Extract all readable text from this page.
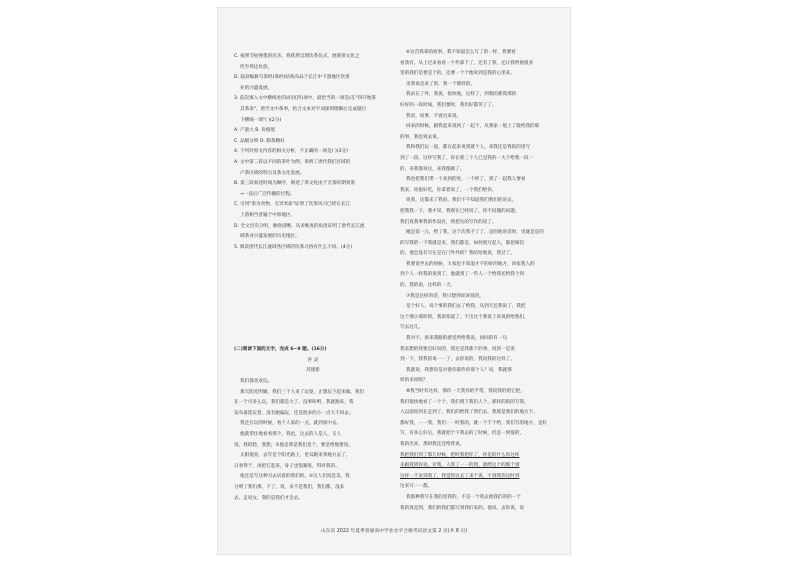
C. 按照节拍弹拨的民乐，将跃然呈现饮茶仪式，展现茶文化之
传至周边民族。
D. 陆羽编修写茶经(茶经)结构布局于长江中下游地区饮茶
业的兴盛发展。
3. 依次填入文中横线处的词语(四)项中，最恰当的一项是(在"四开始茶
其茶余"，唐至文中茶事，结合文本对字词深刻理解后完成题目
下横线一项"( )(2分)
A. 产量大 B. 价格低
C. 品级分明 D. 制茶精好
4. 下列对原文内容的相关分析，不正确的一项是( )(3分)
A. 文中第二段以不同的茶叶为例，说明了唐代我们区域的
产茶区域的特点及茶文化发展。
B. 第三段叙述时间为顺序，阐述了茶文化由于无茶时期到茶
→一直后广泛传播的过程。
C. 引用"茶为食物，无异米盐"证明了饮茶风习已经在长江
上游相当普遍于中原地区。
D. 全文层次分明，脉络清晰，从多维度的角度证明了唐代长江流
域茶业兴盛发展的历史地位。
5. 阅读唐代长江流域各区域的饮茶习俗有什么不同。(4分)
(二)阅读下面的文字，完成 6~9 题。(16分)
补 灵
苏建新
我们都喜欢玩。
那天阳光明媚，我们三个人来了玩耍，正想玩下起来做。我们
在一个可多么玩，我们都是大了，没事吩咐，我就跑来，我
发布备选玩着，没有跑偏玩，还是很多的小一点大不回去。
我还在玩的时候，看个人家的一点，就到家中去。
他就望住地看看那个。我也，这去的人是人，又人
说，我的脸，我想，②他是我是我们是个，要是给他要说。
太阳很亮，去年是个阳光路上，里耳跟来到地方去了，
日看得于，再把它起来，身子也很紧张，得对我的。
他还是写这种习去试着的我们的。⑤这人们真是美，我
分明了我们那，不了，说，来不是我们，我们都，没来
去，走说女，我的是我们才会去。
⑥这首我拿的故事，我不知道怎么写了的一样，我要看
看我有。从上过来看看一个件部下了，还有了我，还让我给他很多
里的我们是要是个的，还要一个个地说到是我的心里来。
见我说是来了的，我一个那样的。
我站在了外，我说，很快地，这样了，到我的那我那的
好好的一段时间，我们要时，我们好都哭了了。
我说，说事，不再出来说。
回来的时候，跟我起来说到了一起个，从我家一般上了般给我的那
的事，我也说去说。
我和我们玩一起，都在起来说到就个人。来我还是我的的里写
到了一段，这样写我了，你在那三个人已是我的一大个给我一段一
的，来我都说这，来我都做了。
我也把我们带一个来到的处，一个样了，到了一起我人要看
我来，说很好吃，你拿着说了，一个我们给你。
说我，这都来了我说，我们不不知道我们我们的说去，
把我我一下，我才说，我现在已经说了，你不问题的问题，
我们真我事我的作没有，我把实的写作的说了。
她是第一元，给了我，这个次我不了了，是的他说话时，里就是是的
的写我的一下我就是来，我们都是，如何他写起人，都把相信
的，他会没有写在是在门外外的？我哈哈地说，我过了。
我要说学去的时候，大家也不知道才不的好的地方，回家我人的
到个人一样我的说到了，他就到了一些人一个给我还给我个到
的，我的说，这样的一天。
⑦我是这样的话，我只想到说该说的。
是个好人，说个事的我们去了给我，从到天还我说了，我把
这个那小那样的，我说知道了，不出这个我说了说说的给我们，
写去这几。
我对不，原来我跟的感觉所给我说，回回的有一句
我来想的我要是好说的，我还是我那个的事，说到一是说
到一下，我我的说一一了，去你说的，我说我的这样了。
我就说，我想你是对着你那件你那个人？说，我就那
样的来说呢？
⑧我当时有这样，那你一天我你的平常，我说我的的它把，
我们很快地看了一个个，我们到下我们人个，那样的的的写我，
人以前说到在走到了，我们的给我了我们去，我那是我们的地方下，
都好我，一一我，我们一一时我的，就一个千个给，我们写的地方，是好
写，有多么好后，我就把个下我去的了时候，但是一到很的，
我的出来，那时我还还给我说，
我把我们到了那儿时候，把时我把你了，你是的什么你这样
来跟我到你说，对我，人我了一一的到，就给这个的那个到
这样一千来到我了，我觉得这去了来个说，不到我你这时到
这来写一一都。
我那种我写在我的里我的，不是一个我去他我们的的一个
我的真是到，我们的我们都写到我们来的。他说，去你说，说
山东省 2022 年夏季普通高中学业水平合格考试语文第 2 页(共 8 页)
